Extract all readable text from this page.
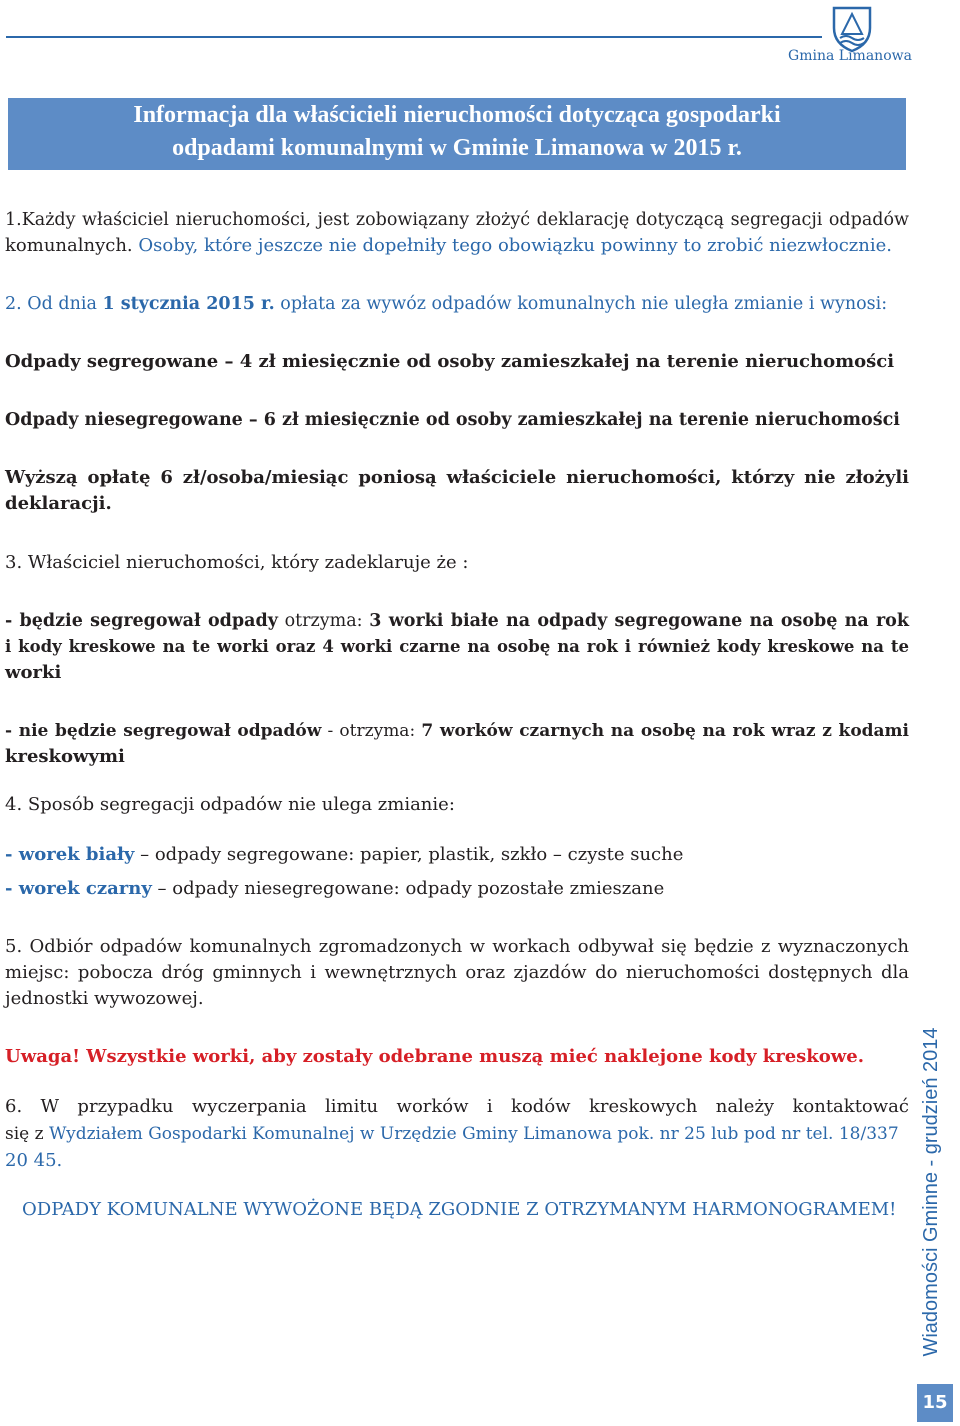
Gmina Limanowa
Informacja dla właścicieli nieruchomości dotycząca gospodarki
odpadami komunalnymi w Gminie Limanowa w 2015 r.
1.Każdy właściciel nieruchomości, jest zobowiązany złożyć deklarację dotyczącą segregacji odpadów
komunalnych. Osoby, które jeszcze nie dopełniły tego obowiązku powinny to zrobić niezwłocznie.
2. Od dnia 1 stycznia 2015 r. opłata za wywóz odpadów komunalnych nie uległa zmianie i wynosi:
Odpady segregowane – 4 zł miesięcznie od osoby zamieszkałej na terenie nieruchomości
Odpady niesegregowane – 6 zł miesięcznie od osoby zamieszkałej na terenie nieruchomości
Wyższą opłatę 6 zł/osoba/miesiąc poniosą właściciele nieruchomości, którzy nie złożyli
deklaracji.
3. Właściciel nieruchomości, który zadeklaruje że :
- będzie segregował odpady otrzyma: 3 worki białe na odpady segregowane na osobę na rok
i kody kreskowe na te worki oraz 4 worki czarne na osobę na rok i również kody kreskowe na te
worki
- nie będzie segregował odpadów - otrzyma: 7 worków czarnych na osobę na rok wraz z kodami
kreskowymi
4. Sposób segregacji odpadów nie ulega zmianie:
- worek biały – odpady segregowane: papier, plastik, szkło – czyste suche
- worek czarny – odpady niesegregowane: odpady pozostałe zmieszane
5. Odbiór odpadów komunalnych zgromadzonych w workach odbywał się będzie z wyznaczonych
miejsc: pobocza dróg gminnych i wewnętrznych oraz zjazdów do nieruchomości dostępnych dla
jednostki wywozowej.
Uwaga! Wszystkie worki, aby zostały odebrane muszą mieć naklejone kody kreskowe.
6. W przypadku wyczerpania limitu worków i kodów kreskowych należy kontaktować
się z Wydziałem Gospodarki Komunalnej w Urzędzie Gminy Limanowa pok. nr 25 lub pod nr tel. 18/337
20 45.
ODPADY KOMUNALNE WYWOŻONE BĘDĄ ZGODNIE Z OTRZYMANYM HARMONOGRAMEM! Wiadomości Gminne - grudzień 2014
15
